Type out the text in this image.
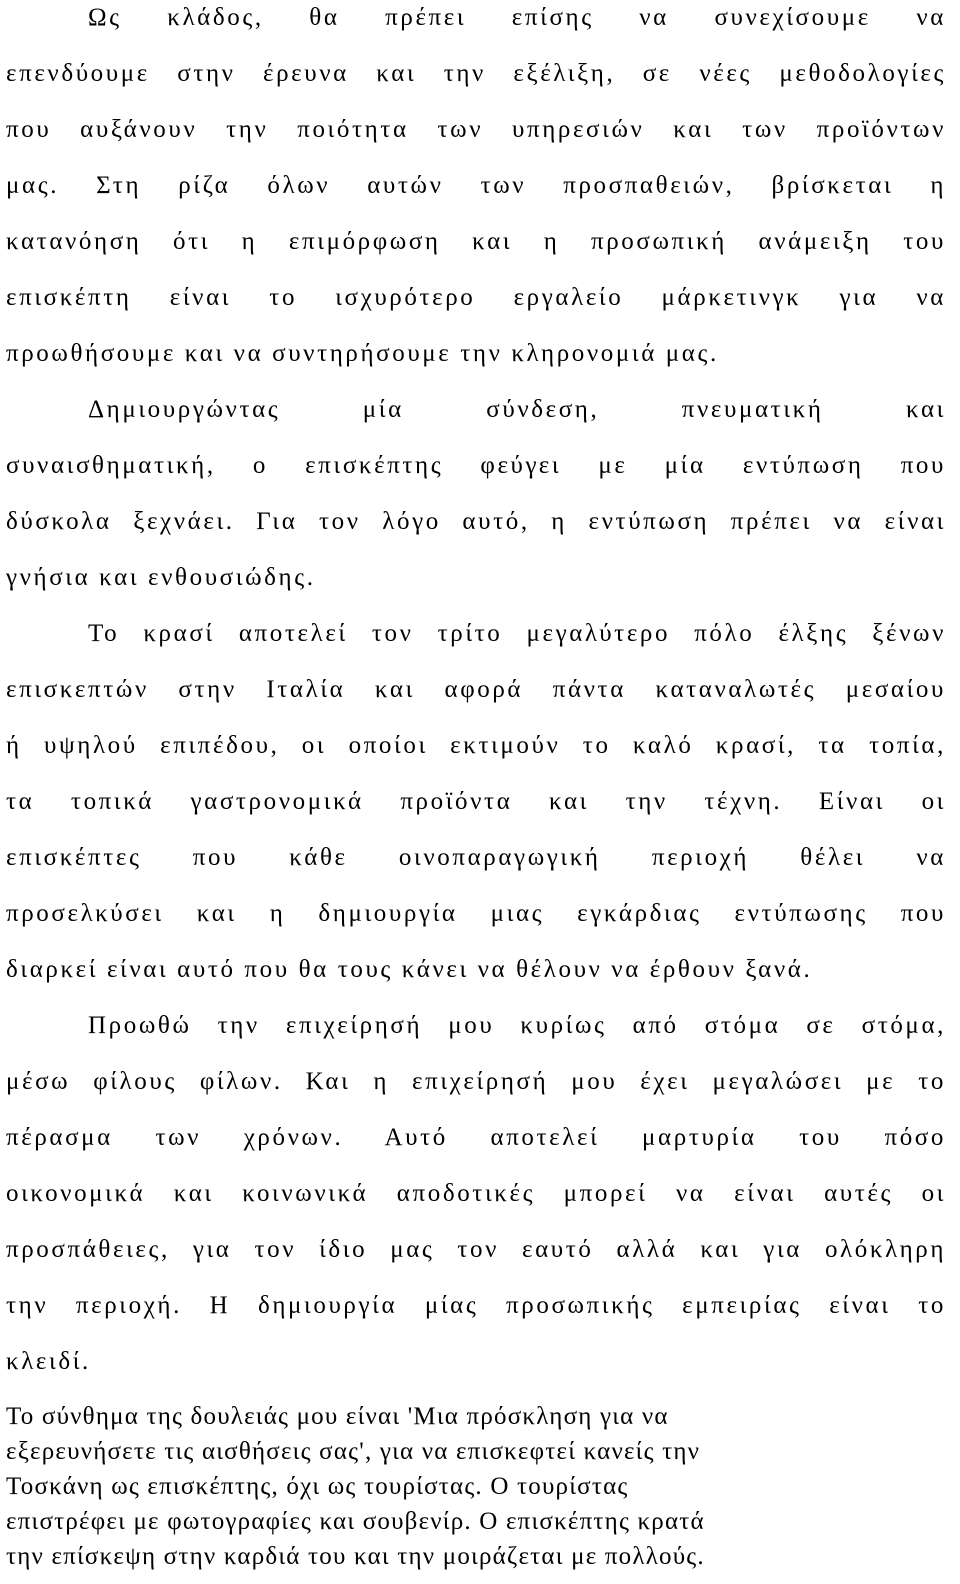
Ως κλάδος, θα πρέπει επίσης να συνεχίσουμε να
επενδύουμε στην έρευνα και την εξέλιξη, σε νέες μεθοδολογίες
που αυξάνουν την ποιότητα των υπηρεσιών και των προϊόντων
μας. Στη ρίζα όλων αυτών των προσπαθειών, βρίσκεται η
κατανόηση ότι η επιμόρφωση και η προσωπική ανάμειξη του
επισκέπτη είναι το ισχυρότερο εργαλείο μάρκετινγκ για να
προωθήσουμε και να συντηρήσουμε την κληρονομιά μας.
Δημιουργώντας μία σύνδεση, πνευματική και
συναισθηματική, ο επισκέπτης φεύγει με μία εντύπωση που
δύσκολα ξεχνάει. Για τον λόγο αυτό, η εντύπωση πρέπει να είναι
γνήσια και ενθουσιώδης.
Το κρασί αποτελεί τον τρίτο μεγαλύτερο πόλο έλξης ξένων
επισκεπτών στην Ιταλία και αφορά πάντα καταναλωτές μεσαίου
ή υψηλού επιπέδου, οι οποίοι εκτιμούν το καλό κρασί, τα τοπία,
τα τοπικά γαστρονομικά προϊόντα και την τέχνη. Είναι οι
επισκέπτες που κάθε οινοπαραγωγική περιοχή θέλει να
προσελκύσει και η δημιουργία μιας εγκάρδιας εντύπωσης που
διαρκεί είναι αυτό που θα τους κάνει να θέλουν να έρθουν ξανά.
Προωθώ την επιχείρησή μου κυρίως από στόμα σε στόμα,
μέσω φίλους φίλων. Και η επιχείρησή μου έχει μεγαλώσει με το
πέρασμα των χρόνων. Αυτό αποτελεί μαρτυρία του πόσο
οικονομικά και κοινωνικά αποδοτικές μπορεί να είναι αυτές οι
προσπάθειες, για τον ίδιο μας τον εαυτό αλλά και για ολόκληρη
την περιοχή. Η δημιουργία μίας προσωπικής εμπειρίας είναι το
κλειδί.
Το σύνθημα της δουλειάς μου είναι 'Μια πρόσκληση για να
εξερευνήσετε τις αισθήσεις σας', για να επισκεφτεί κανείς την
Τοσκάνη ως επισκέπτης, όχι ως τουρίστας. Ο τουρίστας
επιστρέφει με φωτογραφίες και σουβενίρ. Ο επισκέπτης κρατά
την επίσκεψη στην καρδιά του και την μοιράζεται με πολλούς.
